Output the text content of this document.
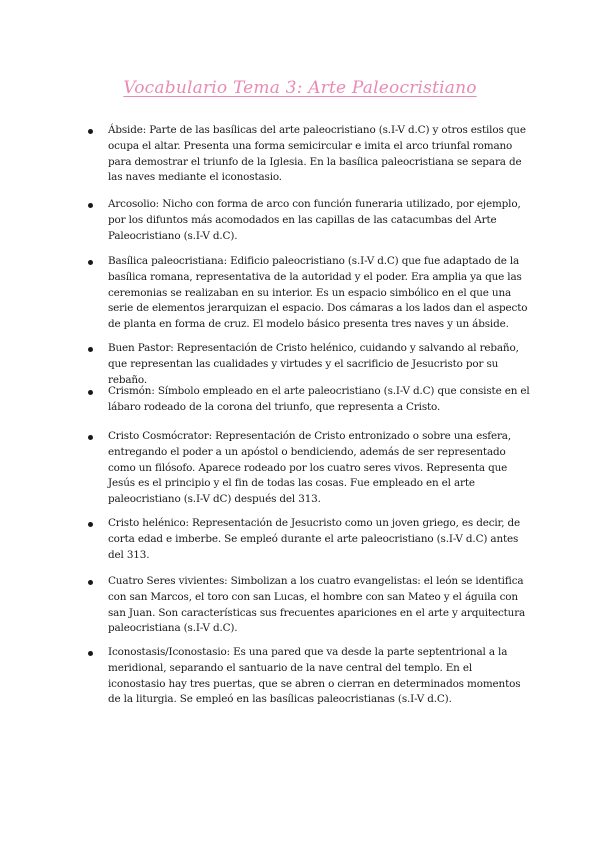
Vocabulario Tema 3: Arte Paleocristiano
Ábside: Parte de las basílicas del arte paleocristiano (s.I-V d.C) y otros estilos que ocupa el altar. Presenta una forma semicircular e imita el arco triunfal romano para demostrar el triunfo de la Iglesia. En la basílica paleocristiana se separa de las naves mediante el iconostasio.
Arcosolio: Nicho con forma de arco con función funeraria utilizado, por ejemplo, por los difuntos más acomodados en las capillas de las catacumbas del Arte Paleocristiano (s.I-V d.C).
Basílica paleocristiana: Edificio paleocristiano (s.I-V d.C) que fue adaptado de la basílica romana, representativa de la autoridad y el poder. Era amplia ya que las ceremonias se realizaban en su interior. Es un espacio simbólico en el que una serie de elementos jerarquizan el espacio. Dos cámaras a los lados dan el aspecto de planta en forma de cruz. El modelo básico presenta tres naves y un ábside.
Buen Pastor: Representación de Cristo helénico, cuidando y salvando al rebaño, que representan las cualidades y virtudes y el sacrificio de Jesucristo por su rebaño.
Crismón: Símbolo empleado en el arte paleocristiano (s.I-V d.C) que consiste en el lábaro rodeado de la corona del triunfo, que representa a Cristo.
Cristo Cosmócrator: Representación de Cristo entronizado o sobre una esfera, entregando el poder a un apóstol o bendiciendo, además de ser representado como un filósofo. Aparece rodeado por los cuatro seres vivos. Representa que Jesús es el principio y el fin de todas las cosas. Fue empleado en el arte paleocristiano (s.I-V dC) después del 313.
Cristo helénico: Representación de Jesucristo como un joven griego, es decir, de corta edad e imberbe. Se empleó durante el arte paleocristiano (s.I-V d.C) antes del 313.
Cuatro Seres vivientes: Simbolizan a los cuatro evangelistas: el león se identifica con san Marcos, el toro con san Lucas, el hombre con san Mateo y el águila con san Juan. Son características sus frecuentes apariciones en el arte y arquitectura paleocristiana (s.I-V d.C).
Iconostasis/Iconostasio: Es una pared que va desde la parte septentrional a la meridional, separando el santuario de la nave central del templo. En el iconostasio hay tres puertas, que se abren o cierran en determinados momentos de la liturgia. Se empleó en las basílicas paleocristianas (s.I-V d.C).
